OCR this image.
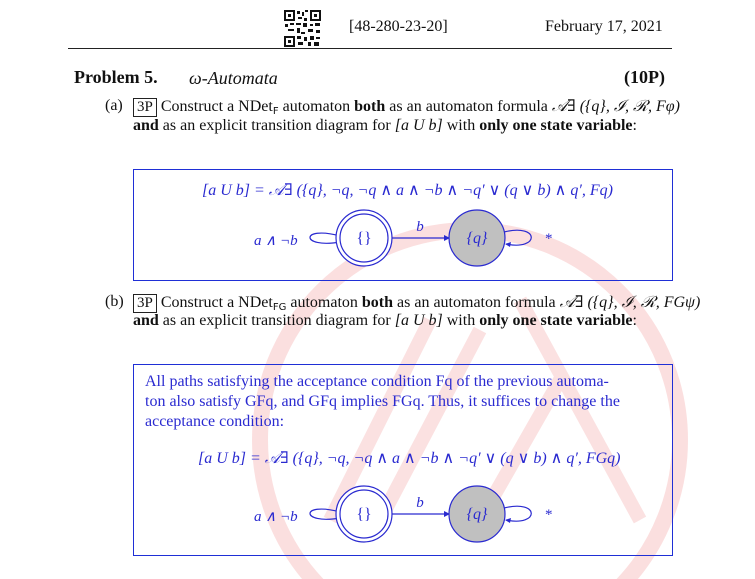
[48-280-23-20]	February 17, 2021
Problem 5. ω-Automata	(10P)
(a) 3P Construct a NDet$_F$ automaton both as an automaton formula 𝒜∃ ({q}, ℐ, ℛ, Fφ)
and as an explicit transition diagram for [a U b] with only one state variable:
[a U b] = 𝒜∃ ({q}, ¬q, ¬q ∧ a ∧ ¬b ∧ ¬q′ ∨ (q ∨ b) ∧ q′, Fq)
a ∧ ¬b	{}
b
{q}	*
(b) 3P Construct a NDet$_{FG}$ automaton both as an automaton formula 𝒜∃ ({q}, ℐ, ℛ, FGψ)
and as an explicit transition diagram for [a U b] with only one state variable:
All paths satisfying the acceptance condition Fq of the previous automa-
ton also satisfy GFq, and GFq implies FGq. Thus, it suffices to change the
acceptance condition:
[a U b] = 𝒜∃ ({q}, ¬q, ¬q ∧ a ∧ ¬b ∧ ¬q′ ∨ (q ∨ b) ∧ q′, FGq)
a ∧ ¬b	{}
b
{q}	*
